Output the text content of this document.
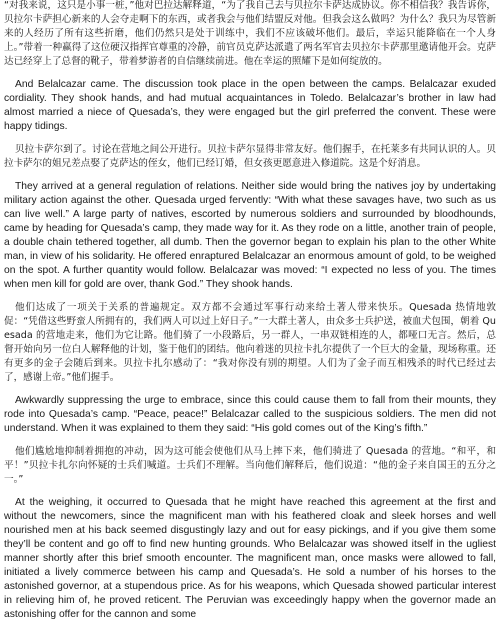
“对我来说，这只是小事一桩，”他对巴拉达解释道，“为了我自己去与贝拉尔卡萨达成协议。你不相信我？我告诉你，贝拉尔卡萨担心新来的人会夺走啊下的东西，或者我会与他们结盟反对他。但我会这么做吗？为什么？我只为尽管新来的人经历了所有这些折磨，他们仍然只是处于训练中，我们不应该破坏他们。最后，幸运只能降临在一个人身上。”带着一种赢得了这位硬汉指挥官尊重的冷静，前官员克萨达派遣了两名军官去贝拉尔卡萨那里邀请他开会。克萨达已经穿上了总督的靴子，带着梦游者的自信继续前进。他在幸运的照耀下是如何绽放的。

And Belalcazar came. The discussion took place in the open between the camps. Belalcazar exuded cordiality. They shook hands, and had mutual acquaintances in Toledo. Belalcazar’s brother in law had almost married a niece of Quesada’s, they were engaged but the girl preferred the convent. These were happy tidings.

贝拉卡萨尔到了。讨论在营地之间公开进行。贝拉卡萨尔显得非常友好。他们握手，在托莱多有共同认识的人。贝拉卡萨尔的姐兄差点娶了克萨达的侄女，他们已经订婚，但女孩更愿意进入修道院。这是个好消息。

They arrived at a general regulation of relations. Neither side would bring the natives joy by undertaking military action against the other. Quesada urged fervently: “With what these savages have, two such as us can live well.” A large party of natives, escorted by numerous soldiers and surrounded by bloodhounds, came by heading for Quesada’s camp, they made way for it. As they rode on a little, another train of people, a double chain tethered together, all dumb. Then the governor began to explain his plan to the other White man, in view of his solidarity. He offered enraptured Belalcazar an enormous amount of gold, to be weighed on the spot. A further quantity would follow. Belalcazar was moved: “I expected no less of you. The times when men kill for gold are over, thank God.” They shook hands.

他们达成了一项关于关系的普遍规定。双方都不会通过军事行动来给土著人带来快乐。Quesada 热情地敦促：“凭借这些野蛮人所拥有的，我们两人可以过上好日子。”一大群土著人，由众多士兵护送，被血犬包围，朝着 Quesada 的营地走来，他们为它让路。他们骑了一小段路后，另一群人，一串双链相连的人，都哑口无言。然后，总督开始向另一位白人解释他的计划，鉴于他们的团结。他向着迷的贝拉卡扎尔提供了一个巨大的金量，现场称重。还有更多的金子会随后到来。贝拉卡扎尔感动了：“我对你没有别的期望。人们为了金子而互相残杀的时代已经过去了，感谢上帝。”他们握手。

Awkwardly suppressing the urge to embrace, since this could cause them to fall from their mounts, they rode into Quesada’s camp. “Peace, peace!” Belalcazar called to the suspicious soldiers. The men did not understand. When it was explained to them they said: “His gold comes out of the King’s fifth.”

他们尴尬地抑制着拥抱的冲动，因为这可能会使他们从马上摔下来，他们骑进了 Quesada 的营地。“和平，和平！”贝拉卡扎尔向怀疑的士兵们喊道。士兵们不理解。当向他们解释后，他们说道：“他的金子来自国王的五分之一。”

At the weighing, it occurred to Quesada that he might have reached this agreement at the first and without the newcomers, since the magnificent man with his feathered cloak and sleek horses and well nourished men at his back seemed disgustingly lazy and out for easy pickings, and if you give them some they’ll be content and go off to find new hunting grounds. Who Belalcazar was showed itself in the ugliest manner shortly after this brief smooth encounter. The magnificent man, once masks were allowed to fall, initiated a lively commerce between his camp and Quesada’s. He sold a number of his horses to the astonished governor, at a stupendous price. As for his weapons, which Quesada showed particular interest in relieving him of, he proved reticent. The Peruvian was exceedingly happy when the governor made an astonishing offer for the cannon and some
